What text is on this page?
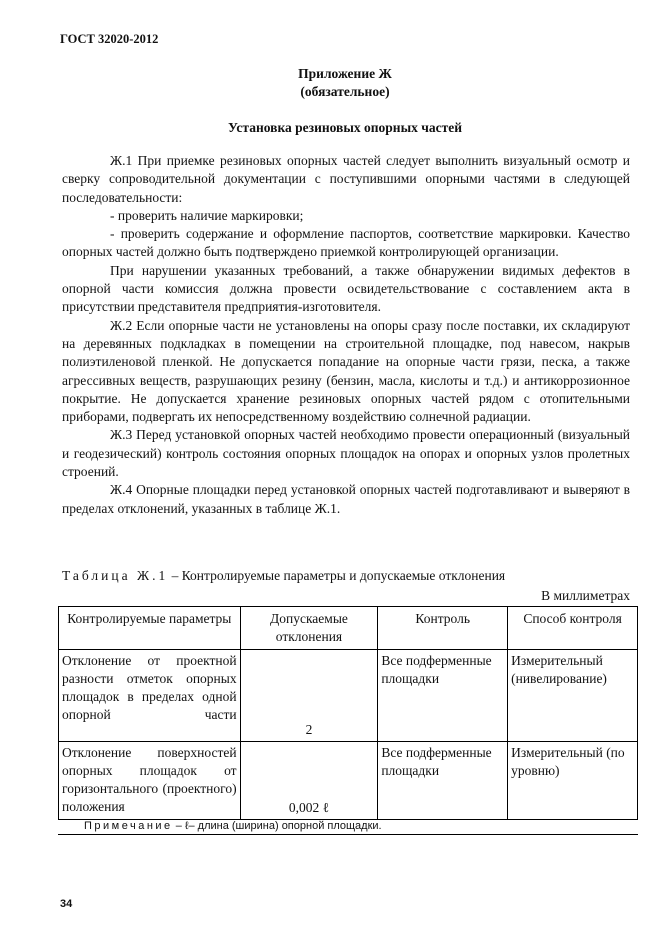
ГОСТ 32020-2012
Приложение Ж
(обязательное)
Установка резиновых опорных частей

Ж.1 При приемке резиновых опорных частей следует выполнить визуальный осмотр и сверку сопроводительной документации с поступившими опорными частями в следующей последовательности:

- проверить наличие маркировки;

- проверить содержание и оформление паспортов, соответствие маркировки. Качество опорных частей должно быть подтверждено приемкой контролирующей организации.

При нарушении указанных требований, а также обнаружении видимых дефектов в опорной части комиссия должна провести освидетельствование с составлением акта в присутствии представителя предприятия-изготовителя.

Ж.2 Если опорные части не установлены на опоры сразу после поставки, их складируют на деревянных подкладках в помещении на строительной площадке, под навесом, накрыв полиэтиленовой пленкой. Не допускается попадание на опорные части грязи, песка, а также агрессивных веществ, разрушающих резину (бензин, масла, кислоты и т.д.) и антикоррозионное покрытие. Не допускается хранение резиновых опорных частей рядом с отопительными приборами, подвергать их непосредственному воздействию солнечной радиации.

Ж.3 Перед установкой опорных частей необходимо провести операционный (визуальный и геодезический) контроль состояния опорных площадок на опорах и опорных узлов пролетных строений.

Ж.4 Опорные площадки перед установкой опорных частей подготавливают и выверяют в пределах отклонений, указанных в таблице Ж.1.

Таблица Ж.1 – Контролируемые параметры и допускаемые отклонения
В миллиметрах
Контролируемые параметры	Допускаемые отклонения	Контроль	Способ контроля
Отклонение от проектной разности отметок опорных площадок в пределах одной опорной части	2	Все подферменные площадки	Измерительный (нивелирование)
Отклонение поверхностей опорных площадок от горизонтального (проектного) положения	0,002 ℓ	Все подферменные площадки	Измерительный (по уровню)
Примечание – ℓ– длина (ширина) опорной площадки.
34
